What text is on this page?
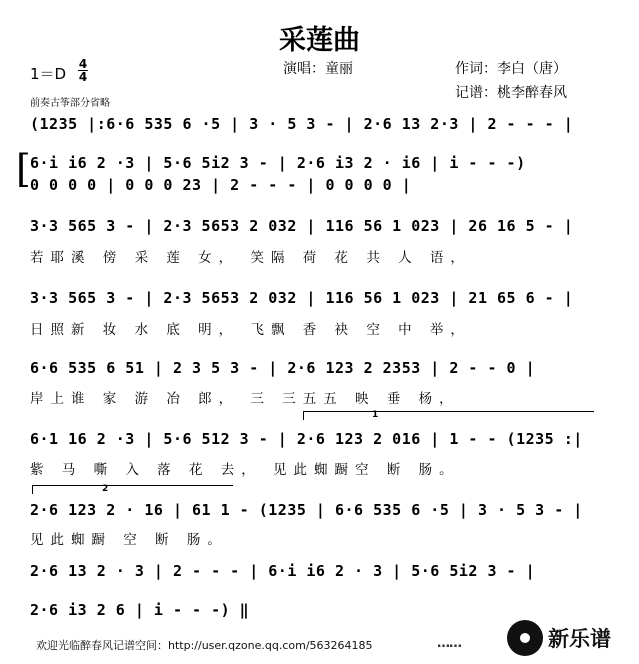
采莲曲
演唱：童丽	作词：李白（唐）
记谱：桃李醉春风
1＝D
4
4
前奏古筝部分省略
(1235 |:6·6 535 6 ·5 | 3 · 5 3 - | 2·6 13 2·3 | 2 - - - |
[ 6·i i6 2 ·3 | 5·6 5i2 3 - | 2·6 i3 2 · i6 | i - - -)
0 0 0 0 | 0 0 0 23 | 2 - - - | 0 0 0 0 |
3·3 565 3 - | 2·3 5653 2 032 | 116 56 1 023 | 26 16 5 - |
若耶溪 傍 采 莲 女， 笑隔 荷 花 共 人 语，
3·3 565 3 - | 2·3 5653 2 032 | 116 56 1 023 | 21 65 6 - |
日照新 妆 水 底 明， 飞飘 香 袂 空 中 举，
6·6 535 6 51 | 2 3 5 3 - | 2·6 123 2 2353 | 2 - - 0 |
岸上谁 家 游 冶 郎， 三 三五五 映 垂 杨，
1
6·1 16 2 ·3 | 5·6 512 3 - | 2·6 123 2 016 | 1 - - (1235 :|
紫 马 嘶 入 落 花 去， 见此蜘蹰空 断 肠。
2
2·6 123 2 · 16 | 61 1 - (1235 | 6·6 535 6 ·5 | 3 · 5 3 - |
见此蜘蹰 空 断 肠。
2·6 13 2 · 3 | 2 - - - | 6·i i6 2 · 3 | 5·6 5i2 3 - |
2·6 i3 2 6 | i - - -) ‖
欢迎光临醉春风记谱空间：http://user.qzone.qq.com/563264185	……	新乐谱
